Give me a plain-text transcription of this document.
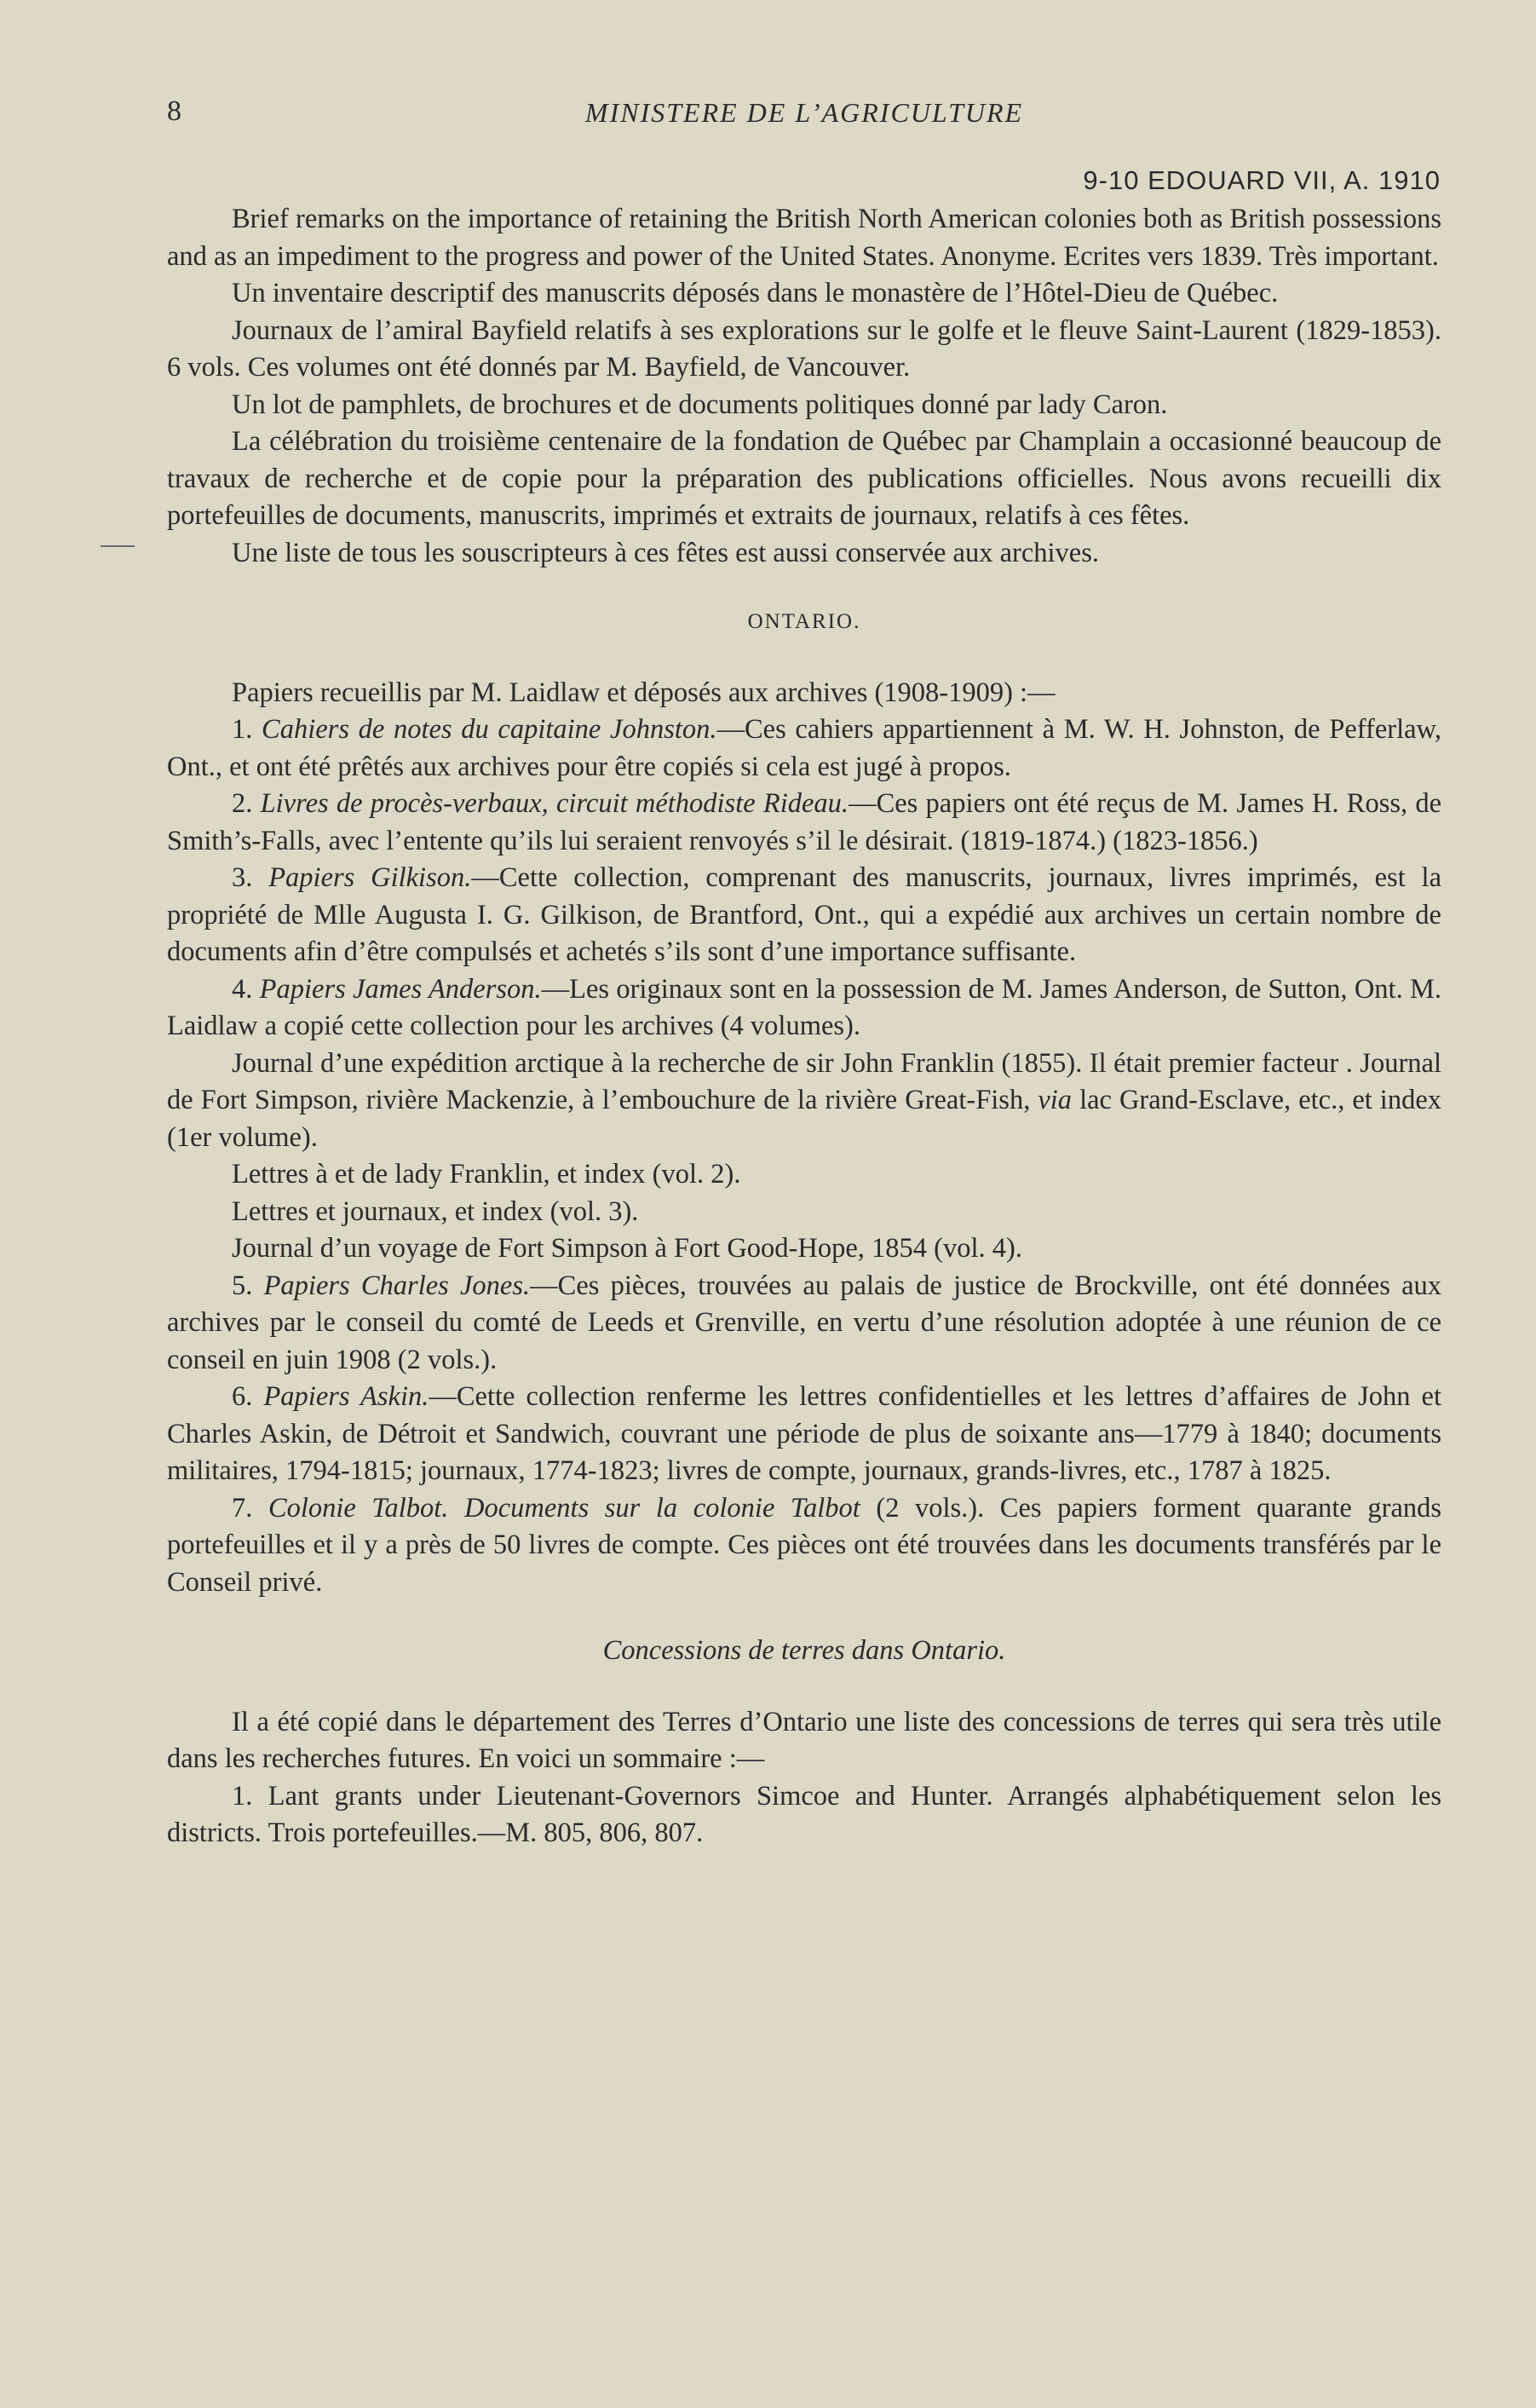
8	MINISTERE DE L’AGRICULTURE
9-10 EDOUARD VII, A. 1910

Brief remarks on the importance of retaining the British North American colonies both as British possessions and as an impediment to the progress and power of the United States. Anonyme. Ecrites vers 1839. Très important.

Un inventaire descriptif des manuscrits déposés dans le monastère de l’Hôtel-Dieu de Québec.

Journaux de l’amiral Bayfield relatifs à ses explorations sur le golfe et le fleuve Saint-Laurent (1829-1853). 6 vols. Ces volumes ont été donnés par M. Bayfield, de Vancouver.

Un lot de pamphlets, de brochures et de documents politiques donné par lady Caron.

La célébration du troisième centenaire de la fondation de Québec par Champlain a occasionné beaucoup de travaux de recherche et de copie pour la préparation des publications officielles. Nous avons recueilli dix portefeuilles de documents, manuscrits, imprimés et extraits de journaux, relatifs à ces fêtes.

Une liste de tous les souscripteurs à ces fêtes est aussi conservée aux archives.

ONTARIO.

Papiers recueillis par M. Laidlaw et déposés aux archives (1908-1909) :—

1. Cahiers de notes du capitaine Johnston.—Ces cahiers appartiennent à M. W. H. Johnston, de Pefferlaw, Ont., et ont été prêtés aux archives pour être copiés si cela est jugé à propos.

2. Livres de procès-verbaux, circuit méthodiste Rideau.—Ces papiers ont été reçus de M. James H. Ross, de Smith’s-Falls, avec l’entente qu’ils lui seraient renvoyés s’il le désirait. (1819-1874.) (1823-1856.)

3. Papiers Gilkison.—Cette collection, comprenant des manuscrits, journaux, livres imprimés, est la propriété de Mlle Augusta I. G. Gilkison, de Brantford, Ont., qui a expédié aux archives un certain nombre de documents afin d’être compulsés et achetés s’ils sont d’une importance suffisante.

4. Papiers James Anderson.—Les originaux sont en la possession de M. James Anderson, de Sutton, Ont. M. Laidlaw a copié cette collection pour les archives (4 volumes).

Journal d’une expédition arctique à la recherche de sir John Franklin (1855). Il était premier facteur . Journal de Fort Simpson, rivière Mackenzie, à l’embouchure de la rivière Great-Fish, via lac Grand-Esclave, etc., et index (1er volume).

Lettres à et de lady Franklin, et index (vol. 2).

Lettres et journaux, et index (vol. 3).

Journal d’un voyage de Fort Simpson à Fort Good-Hope, 1854 (vol. 4).

5. Papiers Charles Jones.—Ces pièces, trouvées au palais de justice de Brockville, ont été données aux archives par le conseil du comté de Leeds et Grenville, en vertu d’une résolution adoptée à une réunion de ce conseil en juin 1908 (2 vols.).

6. Papiers Askin.—Cette collection renferme les lettres confidentielles et les lettres d’affaires de John et Charles Askin, de Détroit et Sandwich, couvrant une période de plus de soixante ans—1779 à 1840; documents militaires, 1794-1815; journaux, 1774-1823; livres de compte, journaux, grands-livres, etc., 1787 à 1825.

7. Colonie Talbot. Documents sur la colonie Talbot (2 vols.). Ces papiers forment quarante grands portefeuilles et il y a près de 50 livres de compte. Ces pièces ont été trouvées dans les documents transférés par le Conseil privé.

Concessions de terres dans Ontario.

Il a été copié dans le département des Terres d’Ontario une liste des concessions de terres qui sera très utile dans les recherches futures. En voici un sommaire :—

1. Lant grants under Lieutenant-Governors Simcoe and Hunter. Arrangés alphabétiquement selon les districts. Trois portefeuilles.—M. 805, 806, 807.
